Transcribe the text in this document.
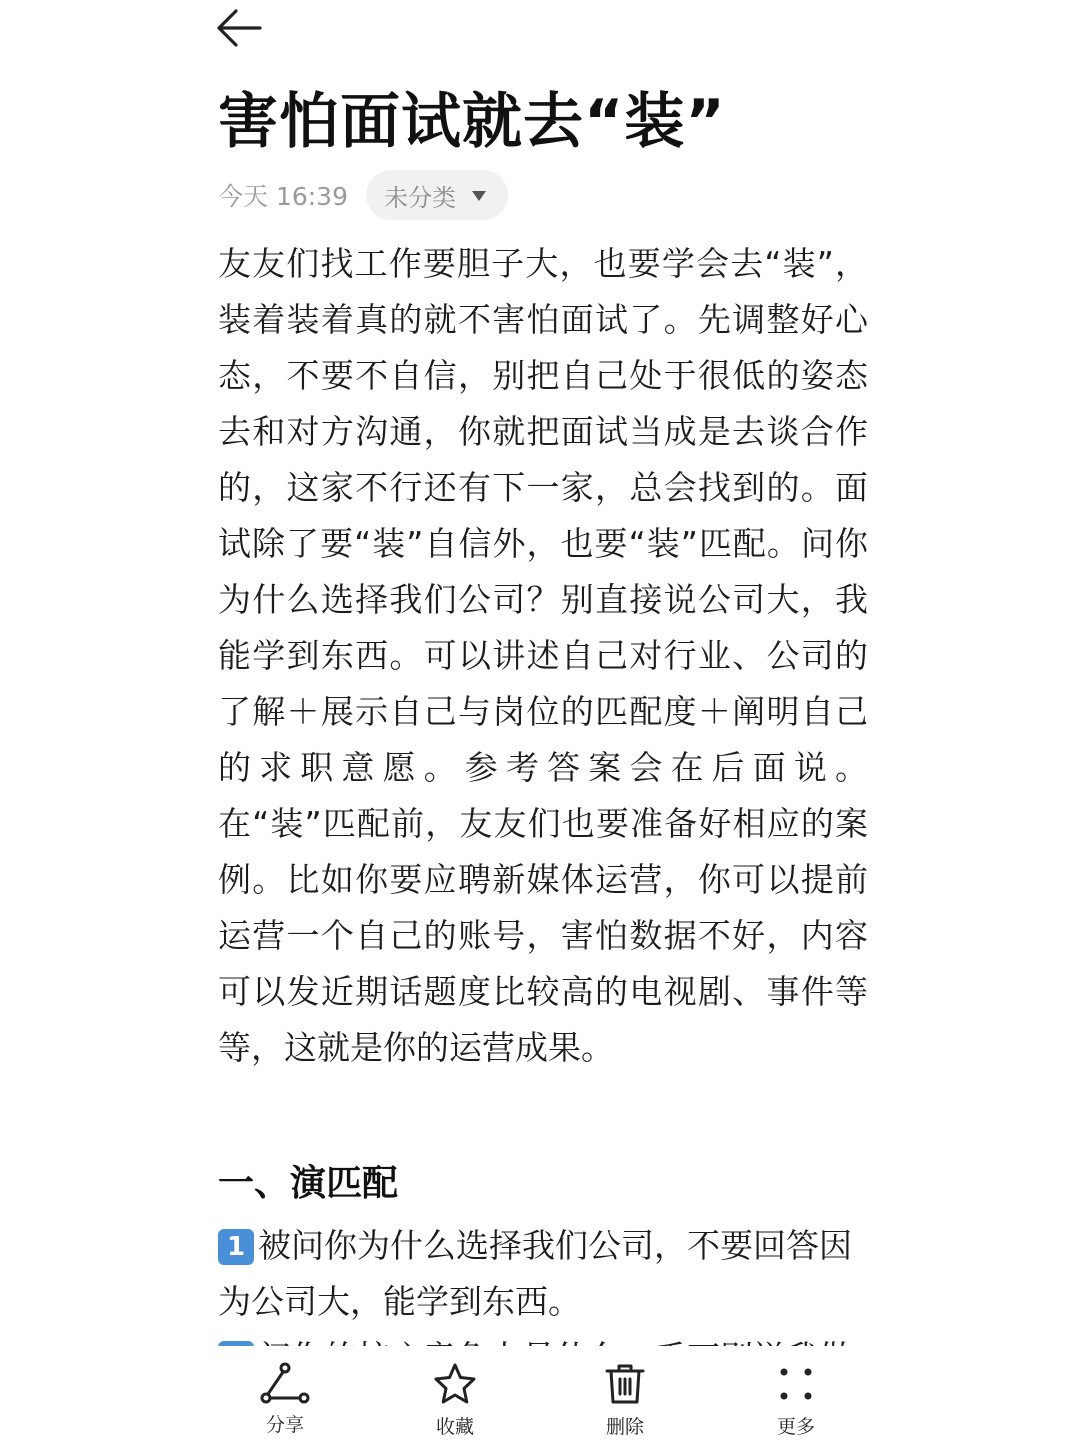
害怕面试就去“装”
今天 16:39 未分类

友友们找工作要胆子大，也要学会去“装”，装着装着真的就不害怕面试了。先调整好心态，不要不自信，别把自己处于很低的姿态去和对方沟通，你就把面试当成是去谈合作的，这家不行还有下一家，总会找到的。面试除了要“装”自信外，也要“装”匹配。问你为什么选择我们公司？别直接说公司大，我能学到东西。可以讲述自己对行业、公司的了解＋展示自己与岗位的匹配度＋阐明自己的求职意愿。参考答案会在后面说。在“装”匹配前，友友们也要准备好相应的案例。比如你要应聘新媒体运营，你可以提前运营一个自己的账号，害怕数据不好，内容可以发近期话题度比较高的电视剧、事件等等，这就是你的运营成果。

一、演匹配

1 被问你为什么选择我们公司，不要回答因为公司大，能学到东西。

分享	收藏	删除	更多
